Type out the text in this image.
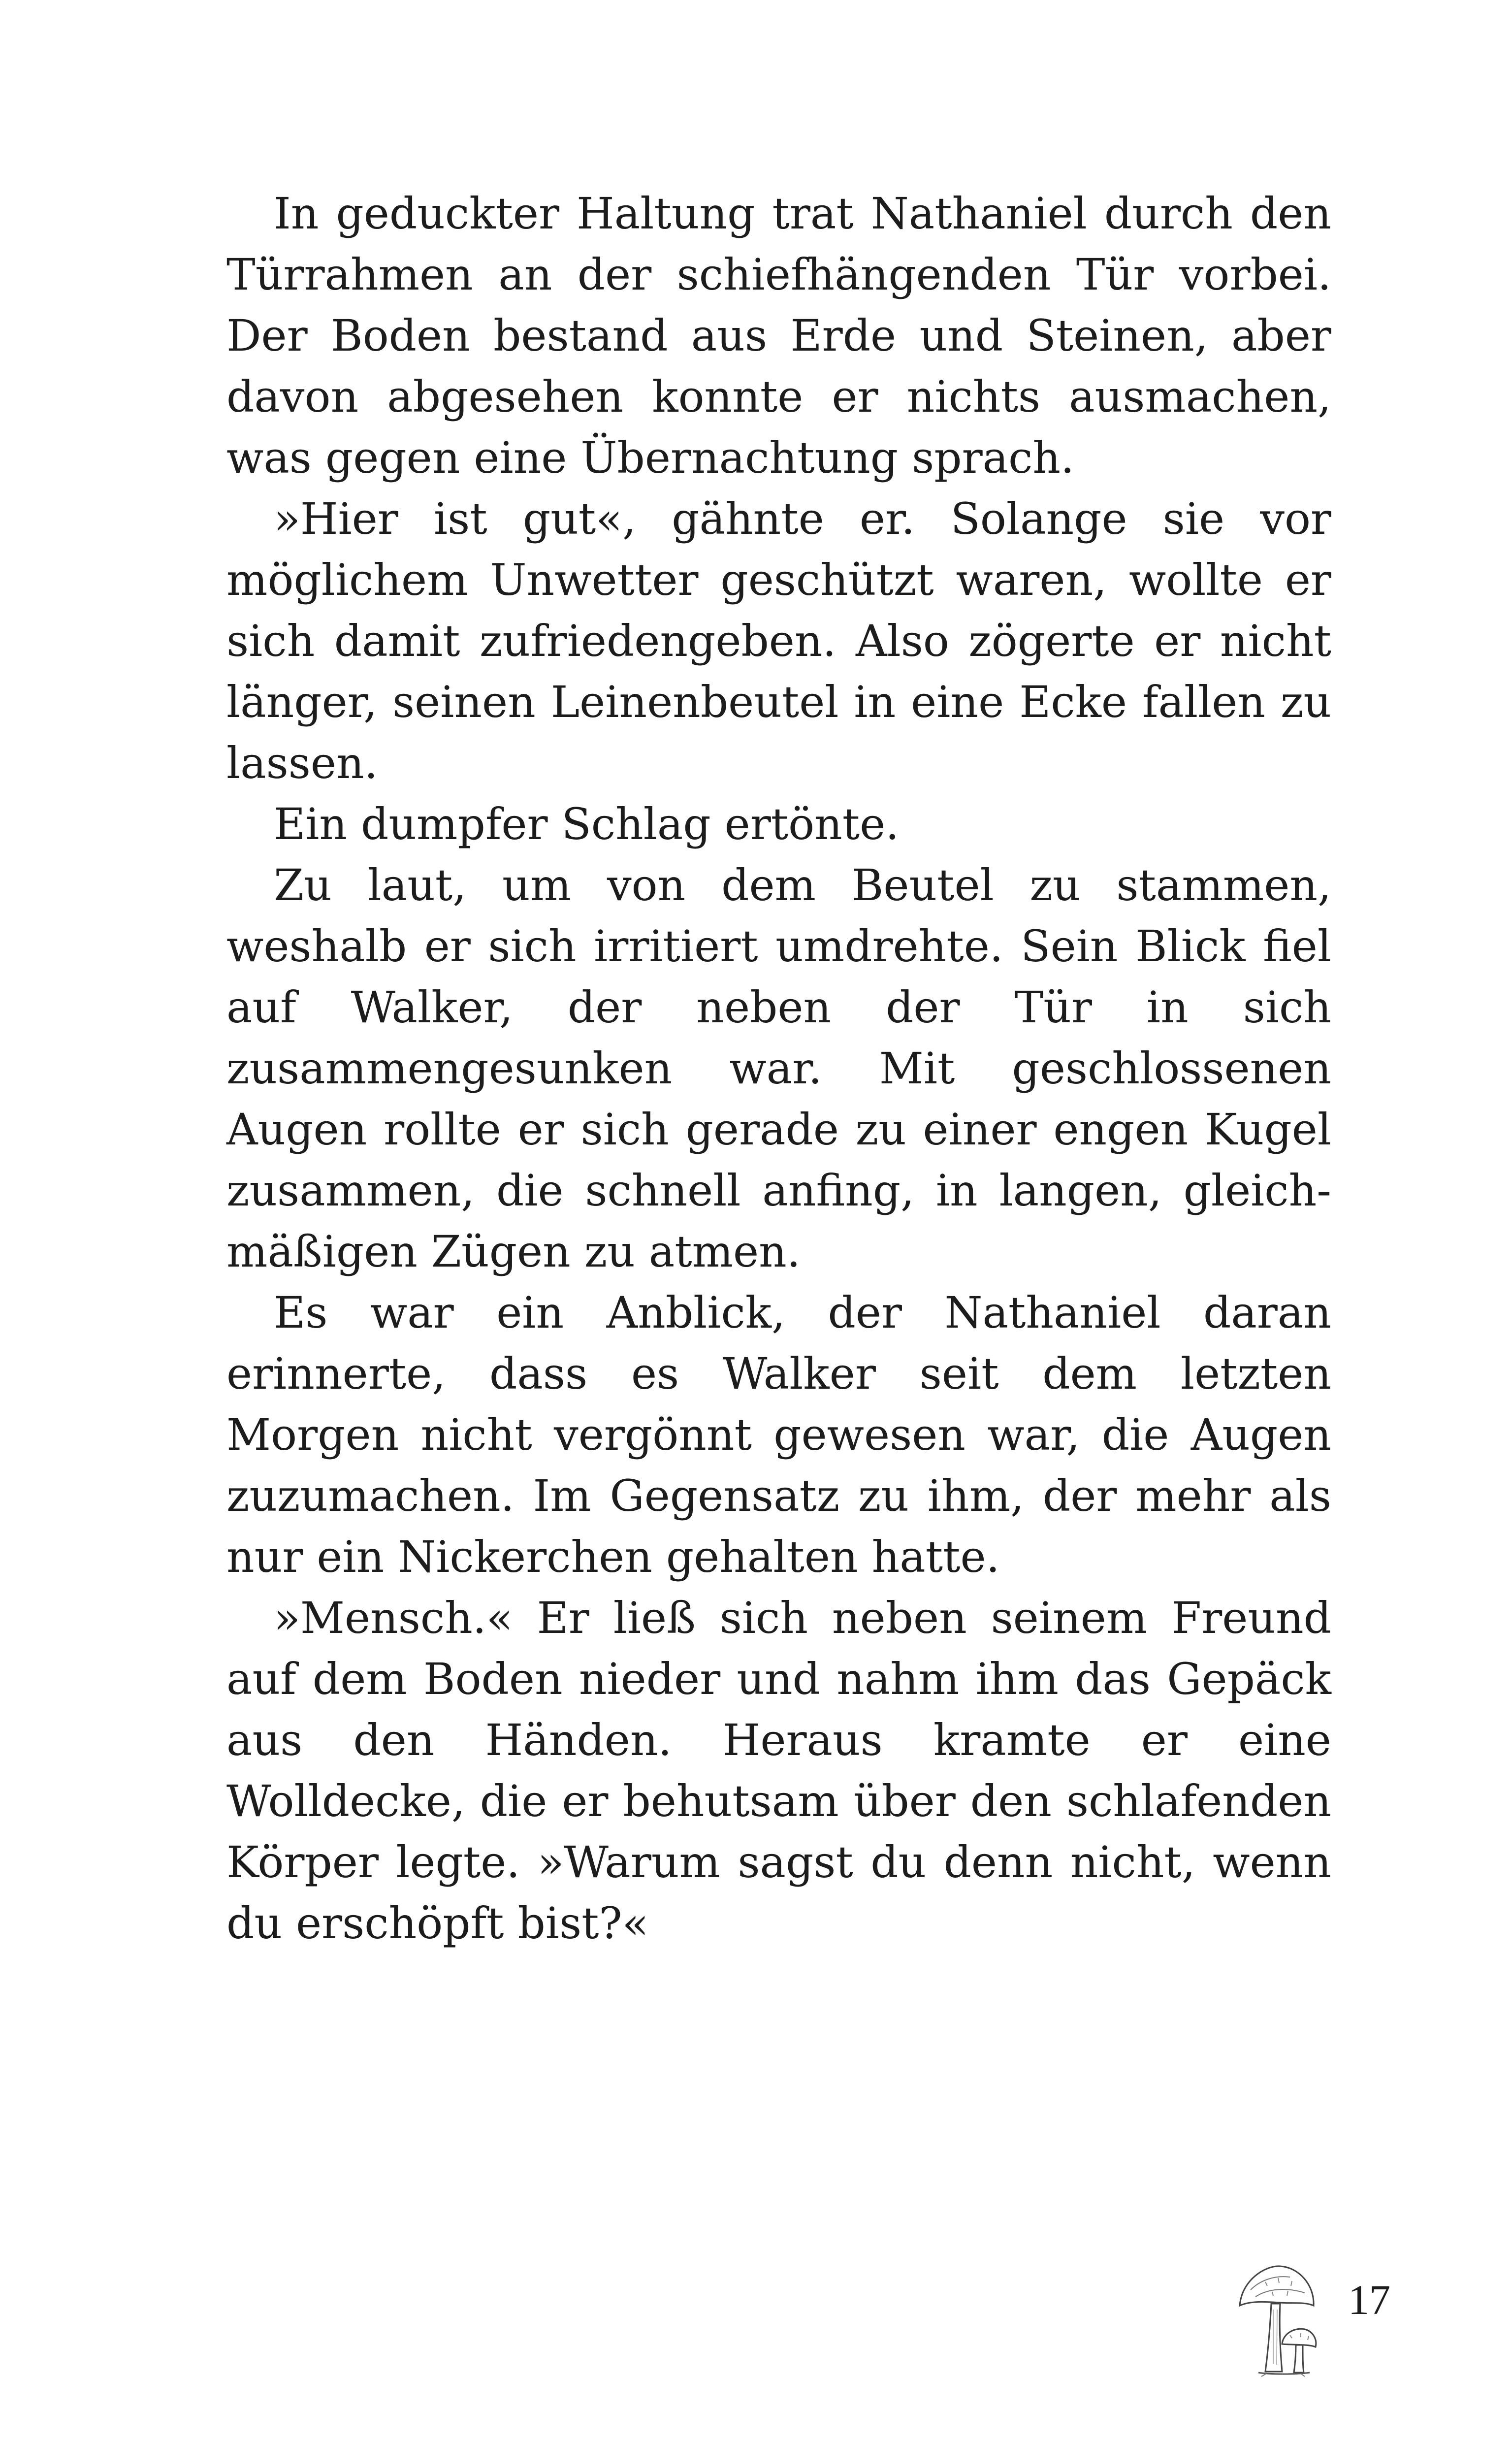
In geduckter Haltung trat Nathaniel durch den Türrahmen an der schiefhängenden Tür vorbei. Der Boden bestand aus Erde und Steinen, aber davon abgesehen konnte er nichts ausmachen, was gegen eine Übernachtung sprach.

»Hier ist gut«, gähnte er. Solange sie vor möglichem Unwetter geschützt waren, wollte er sich damit zufriedengeben. Also zögerte er nicht länger, seinen Leinenbeutel in eine Ecke fallen zu lassen.

Ein dumpfer Schlag ertönte.

Zu laut, um von dem Beutel zu stammen, weshalb er sich irritiert umdrehte. Sein Blick fiel auf Walker, der neben der Tür in sich zusammengesunken war. Mit geschlossenen Augen rollte er sich gerade zu einer engen Kugel zusammen, die schnell anfing, in langen, gleichmäßigen Zügen zu atmen.

Es war ein Anblick, der Nathaniel daran erinnerte, dass es Walker seit dem letzten Morgen nicht vergönnt gewesen war, die Augen zuzumachen. Im Gegensatz zu ihm, der mehr als nur ein Nickerchen gehalten hatte.

»Mensch.« Er ließ sich neben seinem Freund auf dem Boden nieder und nahm ihm das Gepäck aus den Händen. Heraus kramte er eine Wolldecke, die er behutsam über den schlafenden Körper legte. »Warum sagst du denn nicht, wenn du erschöpft bist?«

17
